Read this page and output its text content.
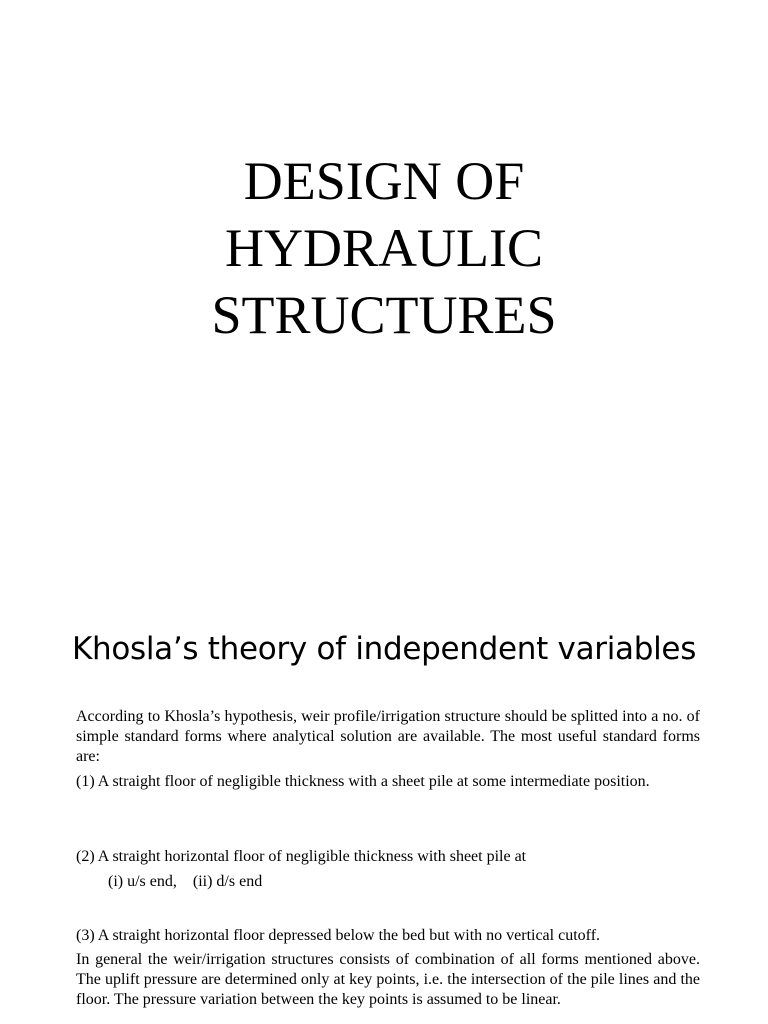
DESIGN OF
HYDRAULIC
STRUCTURES
Khosla’s theory of independent variables

According to Khosla’s hypothesis, weir profile/irrigation structure should be splitted into a no. of simple standard forms where analytical solution are available. The most useful standard forms are:

(1) A straight floor of negligible thickness with a sheet pile at some intermediate position.

(2) A straight horizontal floor of negligible thickness with sheet pile at

(i) u/s end, (ii) d/s end

(3) A straight horizontal floor depressed below the bed but with no vertical cutoff.

In general the weir/irrigation structures consists of combination of all forms mentioned above. The uplift pressure are determined only at key points, i.e. the intersection of the pile lines and the floor. The pressure variation between the key points is assumed to be linear.
